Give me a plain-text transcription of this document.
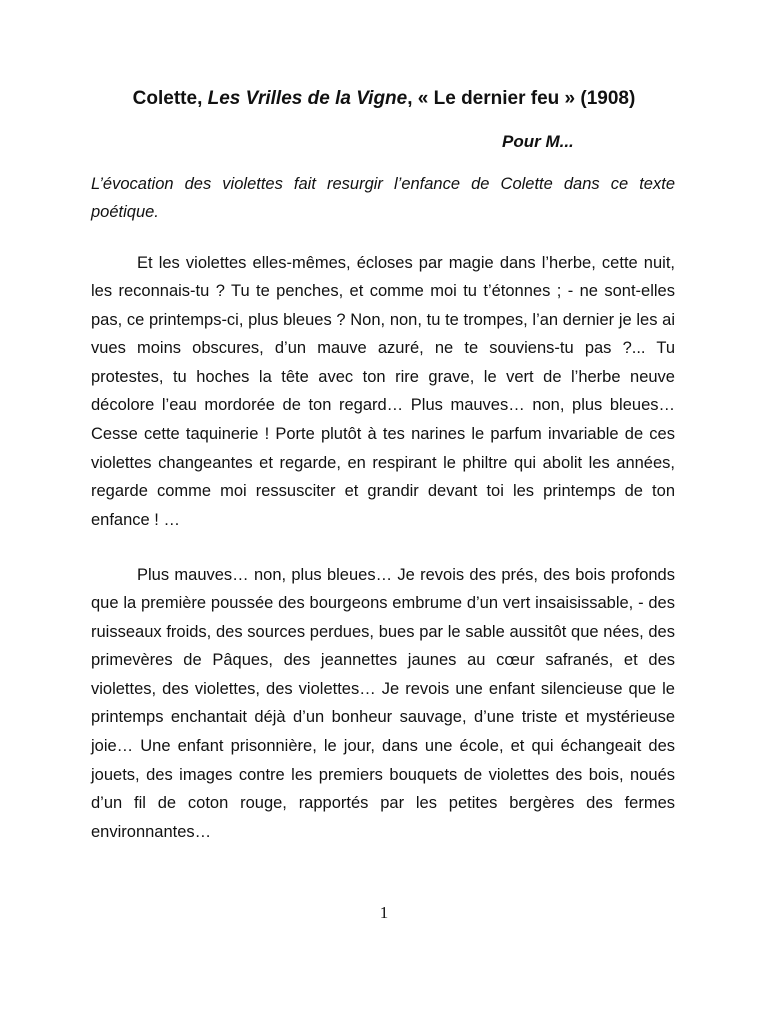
Colette, Les Vrilles de la Vigne, « Le dernier feu » (1908)
Pour M...
L’évocation des violettes fait resurgir l’enfance de Colette dans ce texte poétique.

Et les violettes elles-mêmes, écloses par magie dans l’herbe, cette nuit, les reconnais-tu ? Tu te penches, et comme moi tu t’étonnes ; - ne sont-elles pas, ce printemps-ci, plus bleues ? Non, non, tu te trompes, l’an dernier je les ai vues moins obscures, d’un mauve azuré, ne te souviens-tu pas ?... Tu protestes, tu hoches la tête avec ton rire grave, le vert de l’herbe neuve décolore l’eau mordorée de ton regard… Plus mauves… non, plus bleues… Cesse cette taquinerie ! Porte plutôt à tes narines le parfum invariable de ces violettes changeantes et regarde, en respirant le philtre qui abolit les années, regarde comme moi ressusciter et grandir devant toi les printemps de ton enfance ! …

Plus mauves… non, plus bleues… Je revois des prés, des bois profonds que la première poussée des bourgeons embrume d’un vert insaisissable, - des ruisseaux froids, des sources perdues, bues par le sable aussitôt que nées, des primevères de Pâques, des jeannettes jaunes au cœur safranés, et des violettes, des violettes, des violettes… Je revois une enfant silencieuse que le printemps enchantait déjà d’un bonheur sauvage, d’une triste et mystérieuse joie… Une enfant prisonnière, le jour, dans une école, et qui échangeait des jouets, des images contre les premiers bouquets de violettes des bois, noués d’un fil de coton rouge, rapportés par les petites bergères des fermes environnantes…

1
